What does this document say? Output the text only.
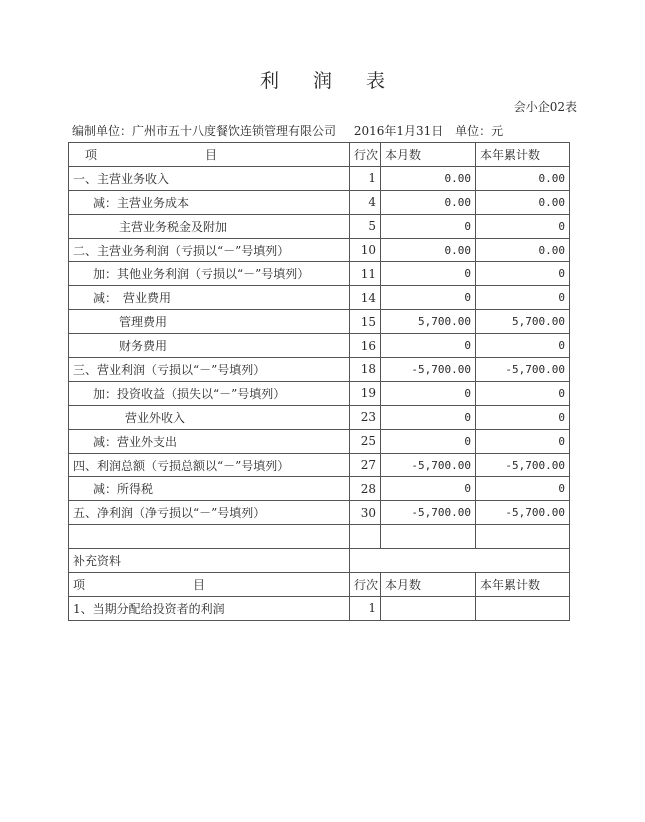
利润表
会小企02表
编制单位：广州市五十八度餐饮连锁管理有限公司 2016年1月31日 单位：元
项 目	行次	本月数	本年累计数
一、主营业务收入	1	0.00	0.00
减：主营业务成本	4	0.00	0.00
主营业务税金及附加	5	0	0
二、主营业务利润（亏损以“－”号填列）	10	0.00	0.00
加：其他业务利润（亏损以“－”号填列）	11	0	0
减：　营业费用	14	0	0
管理费用	15	5,700.00	5,700.00
财务费用	16	0	0
三、营业利润（亏损以“－”号填列）	18	-5,700.00	-5,700.00
加：投资收益（损失以“－”号填列）	19	0	0
营业外收入	23	0	0
减：营业外支出	25	0	0
四、利润总额（亏损总额以“－”号填列）	27	-5,700.00	-5,700.00
减：所得税	28	0	0
五、净利润（净亏损以“－”号填列）	30	-5,700.00	-5,700.00

补充资料			
项 目	行次	本月数	本年累计数
1、当期分配给投资者的利润	1		
